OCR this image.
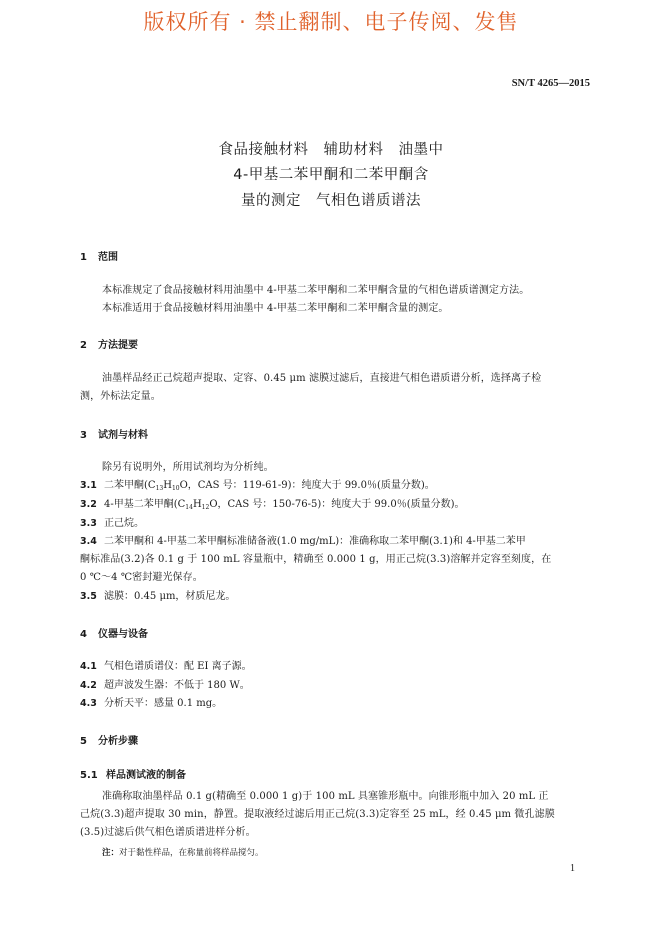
版权所有 · 禁止翻制、电子传阅、发售
SN/T 4265—2015
食品接触材料　辅助材料　油墨中
4-甲基二苯甲酮和二苯甲酮含
量的测定　气相色谱质谱法
1 范围
本标准规定了食品接触材料用油墨中 4-甲基二苯甲酮和二苯甲酮含量的气相色谱质谱测定方法。
本标准适用于食品接触材料用油墨中 4-甲基二苯甲酮和二苯甲酮含量的测定。
2 方法提要
油墨样品经正己烷超声提取、定容、0.45 μm 滤膜过滤后，直接进气相色谱质谱分析，选择离子检
测，外标法定量。
3 试剂与材料
除另有说明外，所用试剂均为分析纯。
3.1 二苯甲酮($C_{13}H_{10}O$，CAS 号：119-61-9)：纯度大于 99.0％(质量分数)。
3.2 4-甲基二苯甲酮($C_{14}H_{12}O$，CAS 号：150-76-5)：纯度大于 99.0％(质量分数)。
3.3 正己烷。
3.4 二苯甲酮和 4-甲基二苯甲酮标准储备液(1.0 mg/mL)：准确称取二苯甲酮(3.1)和 4-甲基二苯甲
酮标准品(3.2)各 0.1 g 于 100 mL 容量瓶中，精确至 0.000 1 g，用正己烷(3.3)溶解并定容至刻度，在
0 ℃～4 ℃密封避光保存。
3.5 滤膜：0.45 μm，材质尼龙。
4 仪器与设备
4.1 气相色谱质谱仪：配 EI 离子源。
4.2 超声波发生器：不低于 180 W。
4.3 分析天平：感量 0.1 mg。
5 分析步骤
5.1 样品测试液的制备
准确称取油墨样品 0.1 g(精确至 0.000 1 g)于 100 mL 具塞锥形瓶中。向锥形瓶中加入 20 mL 正
己烷(3.3)超声提取 30 min，静置。提取液经过滤后用正己烷(3.3)定容至 25 mL，经 0.45 μm 微孔滤膜
(3.5)过滤后供气相色谱质谱进样分析。
注：对于黏性样品，在称量前将样品搅匀。
1
